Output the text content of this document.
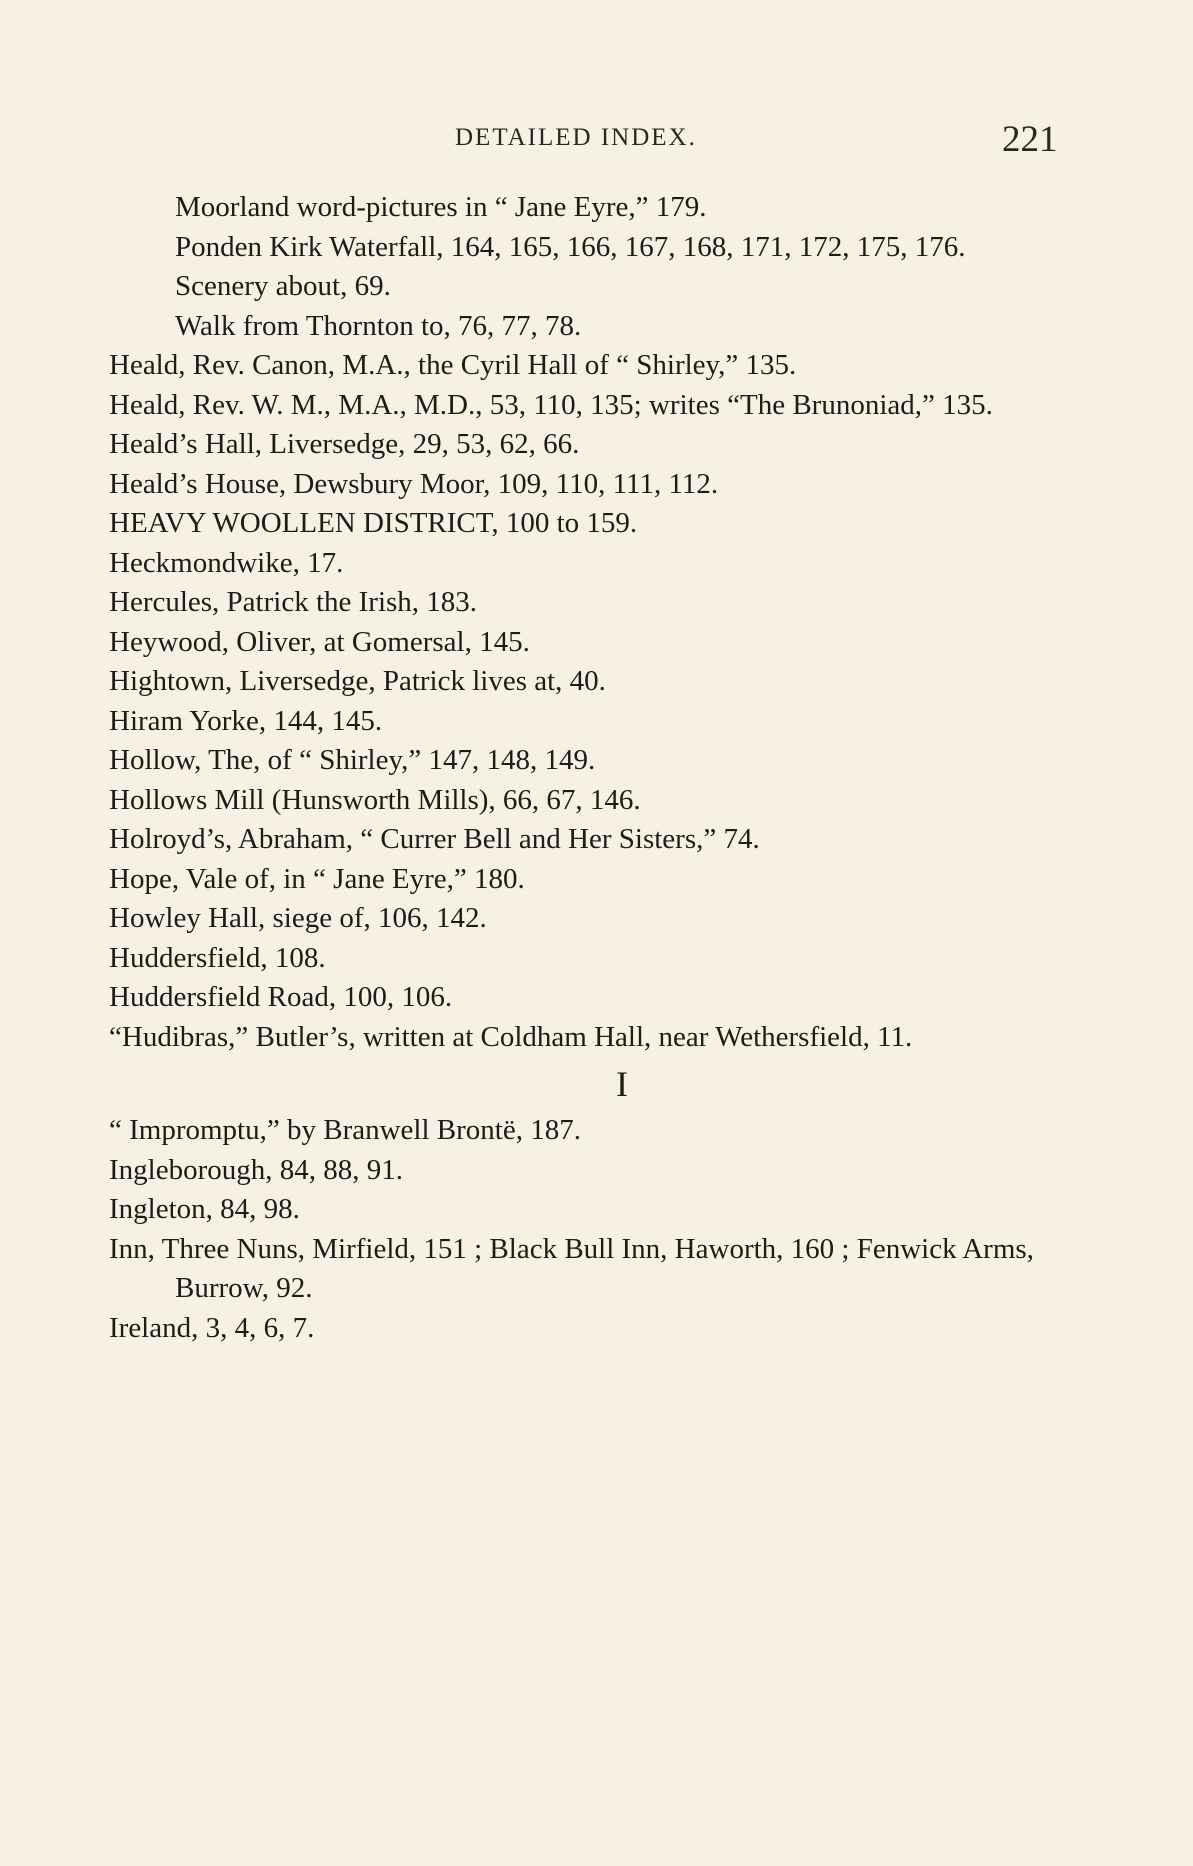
DETAILED INDEX.	221

Moorland word-pictures in “ Jane Eyre,” 179.

Ponden Kirk Waterfall, 164, 165, 166, 167, 168, 171, 172, 175, 176.

Scenery about, 69.

Walk from Thornton to, 76, 77, 78.

Heald, Rev. Canon, M.A., the Cyril Hall of “ Shirley,” 135.

Heald, Rev. W. M., M.A., M.D., 53, 110, 135; writes “The Brunoniad,” 135.

Heald’s Hall, Liversedge, 29, 53, 62, 66.

Heald’s House, Dewsbury Moor, 109, 110, 111, 112.

HEAVY WOOLLEN DISTRICT, 100 to 159.

Heckmondwike, 17.

Hercules, Patrick the Irish, 183.

Heywood, Oliver, at Gomersal, 145.

Hightown, Liversedge, Patrick lives at, 40.

Hiram Yorke, 144, 145.

Hollow, The, of “ Shirley,” 147, 148, 149.

Hollows Mill (Hunsworth Mills), 66, 67, 146.

Holroyd’s, Abraham, “ Currer Bell and Her Sisters,” 74.

Hope, Vale of, in “ Jane Eyre,” 180.

Howley Hall, siege of, 106, 142.

Huddersfield, 108.

Huddersfield Road, 100, 106.

“Hudibras,” Butler’s, written at Coldham Hall, near Wethersfield, 11.

I

“ Impromptu,” by Branwell Brontë, 187.

Ingleborough, 84, 88, 91.

Ingleton, 84, 98.

Inn, Three Nuns, Mirfield, 151 ; Black Bull Inn, Haworth, 160 ; Fenwick Arms, Burrow, 92.

Ireland, 3, 4, 6, 7.
